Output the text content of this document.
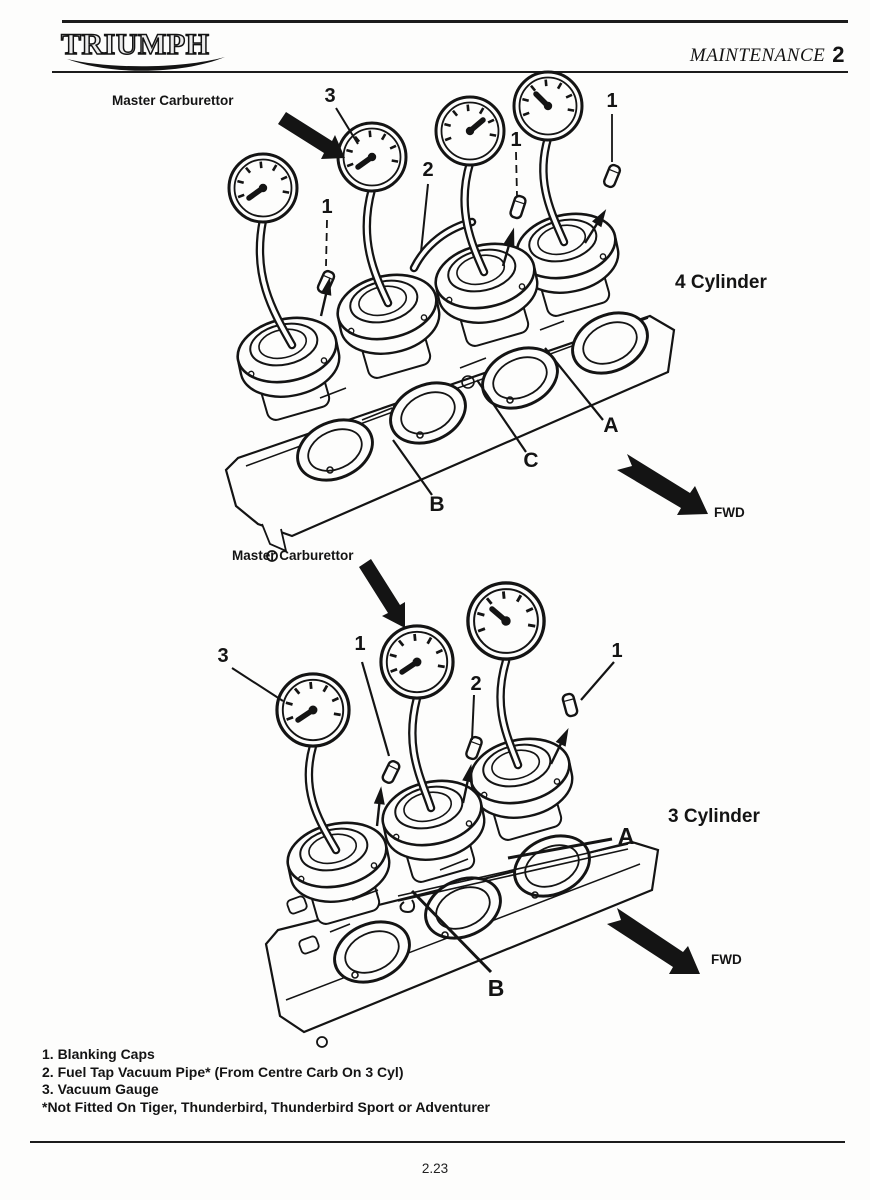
TRIUMPH	MAINTENANCE 2
Master Carburettor	3
1
2
1
1
4 Cylinder
A
C
B	FWD
Master Carburettor
3
1
2
1
3 Cylinder
A
B
FWD
1. Blanking Caps
2. Fuel Tap Vacuum Pipe* (From Centre Carb On 3 Cyl)
3. Vacuum Gauge
*Not Fitted On Tiger, Thunderbird, Thunderbird Sport or Adventurer
2.23
